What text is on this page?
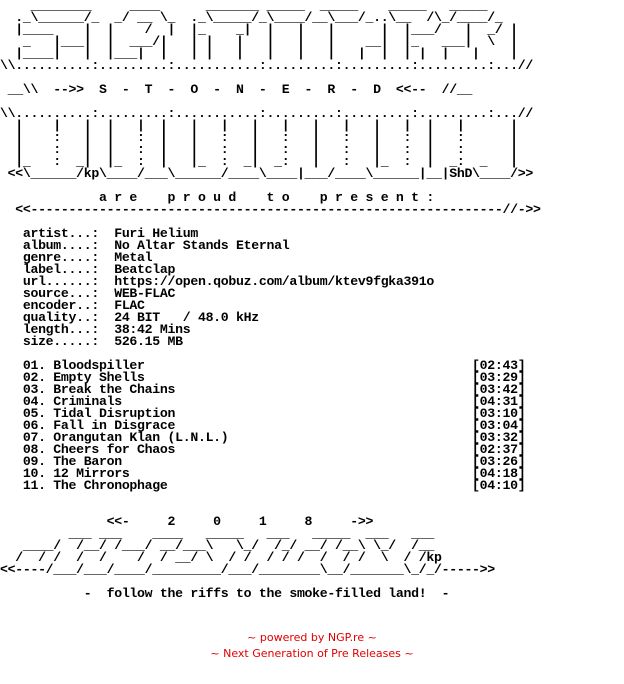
________     ____      _______ _____  _____    _____   _____
._\______/_  _/ __ \_  ._\_____/_\____/__\___/_..\__  /\_/____/_
|____    |  |    /  |  |_    _|  |   |   |      |  |___/   |  _/ |
_   |___|  |  ___/|   | |   |   |   |   |    __|  |_   ___|  \  |
|____|   |  |___|  |   | |   |   |   |   |   |  |  | |  |   |    |
\\..........:.........:...........:.........:.........:.........:...//

__\\  -->>  S  -  T  -  O  -  N  -  E  -  R  -  D  <<--  //__

\\..........:.........:...........:.........:.........:.........:...//
|    |   |  |   |  |   |   |   |   |   |   |   |   |  |   |      |
|    :   |  |   :  |   |   :   |   :   |   :   |   :  |   :      |
|    :   |  |   :  |   |   :   |   :   |   :   |   :  |   :      |
|_   :  _|  |_  :  |   |_  :  _|  _:   |   :   |_  :  |  _:  _   |
<<\______/kp\____/___\______/____\____|___/____\______|__|ShD\____/>>
a r e    p r o u d    t o    p r e s e n t :
<<--------------------------------------------------------------//->>
artist...:  Furi Helium
album....:  No Altar Stands Eternal
genre....:  Metal
label....:  Beatclap
url......:  https://open.qobuz.com/album/ktev9fgka391o
source...:  WEB-FLAC
encoder..:  FLAC
quality..:  24 BIT   / 48.0 kHz
length...:  38:42 Mins
size.....:  526.15 MB
01. Bloodspiller                                           [02:43]
02. Empty Shells                                           [03:29]
03. Break the Chains                                       [03:42]
04. Criminals                                              [04:31]
05. Tidal Disruption                                       [03:10]
06. Fall in Disgrace                                       [03:04]
07. Orangutan Klan (L.N.L.)                                [03:32]
08. Cheers for Chaos                                       [02:37]
09. The Baron                                              [03:26]
10. 12 Mirrors                                             [04:18]
11. The Chronophage                                        [04:10]
<<-     2     0     1     8     ->>
___ ___    ____   _____   ___   _____  ___   ___
____/  /__/ /___/ __/___\   \_/  /_/ __/ /__\ \_/  /__
/  / /  /  /    /  / __/ \  / /  / / /  /  / /  \  / /kp
<<----/___/___/____/_________/___/________\__/_______\_/_/----->>
-  follow the riffs to the smoke-filled land!  -
~ powered by NGP.re ~
~ Next Generation of Pre Releases ~
